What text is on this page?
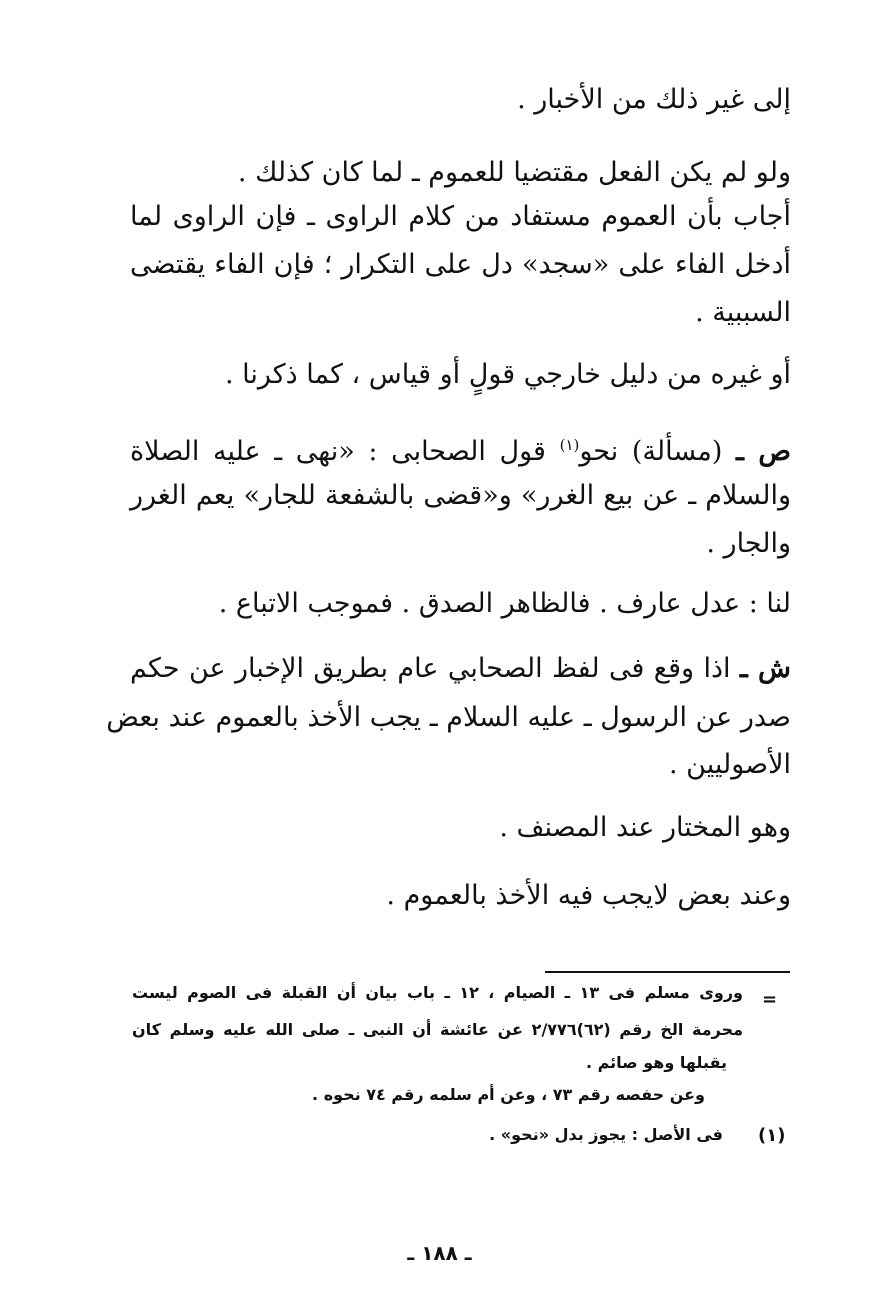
إلى غير ذلك من الأخبار .
ولو لم يكن الفعل مقتضيا للعموم ـ لما كان كذلك .
أجاب بأن العموم مستفاد من كلام الراوى ـ فإن الراوى لما
أدخل الفاء على «سجد» دل على التكرار ؛ فإن الفاء يقتضى
السببية .
أو غيره من دليل خارجي قولٍ أو قياس ، كما ذكرنا .
ص ـ (مسألة) نحو$^{(١)}$ قول الصحابى : «نهى ـ عليه الصلاة
والسلام ـ عن بيع الغرر» و«قضى بالشفعة للجار» يعم الغرر
والجار .
لنا : عدل عارف . فالظاهر الصدق . فموجب الاتباع .
ش ـ اذا وقع فى لفظ الصحابي عام بطريق الإخبار عن حكم
صدر عن الرسول ـ عليه السلام ـ يجب الأخذ بالعموم عند بعض
الأصوليين .
وهو المختار عند المصنف .
وعند بعض لايجب فيه الأخذ بالعموم .
=
وروى مسلم فى ١٣ ـ الصيام ، ١٢ ـ باب بيان أن القبلة فى الصوم ليست
محرمة الخ رقم (٦٢)٢/٧٧٦ عن عائشة أن النبى ـ صلى الله عليه وسلم كان
يقبلها وهو صائم .
وعن حفصه رقم ٧٣ ، وعن أم سلمه رقم ٧٤ نحوه .
(١)
فى الأصل : يجوز بدل «نحو» .
ـ ١٨٨ ـ
